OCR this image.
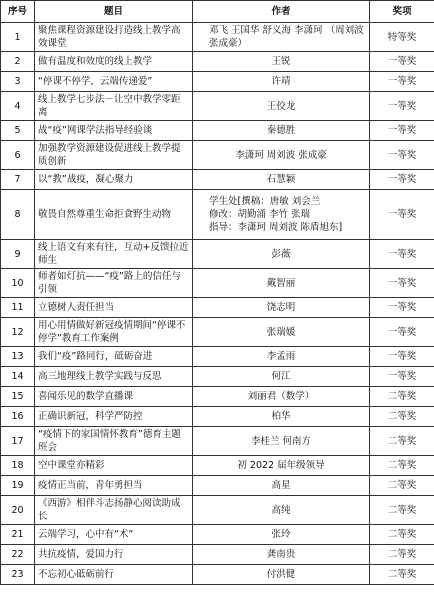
序号	题目	作者	奖项
1	聚焦课程资源建设打造线上教学高效课堂	邓飞 王国华 舒义海 李潇珂 （周刘波
张成豪）	特等奖
2	做有温度和效度的线上教学	王锐	一等奖
3	“停课不停学，云端传递爱”	许靖	一等奖
4	线上教学七步法－让空中教学零距离	王佼龙	一等奖
5	战“疫”网课学法指导经验谈	秦德胜	一等奖
6	加强教学资源建设促进线上教学提质创新	李潇珂 周刘波 张成豪	一等奖
7	以“教”战疫，凝心聚力	石慧颖	一等奖
8	敬畏自然尊重生命拒食野生动物	学生处[撰稿：唐敏 刘会兰
修改：胡勤涌 李竹 张瑞
指导：李潇珂 周刘波 陈盾旭东]	一等奖
9	线上语文有来有往，互动+反馈拉近师生	彭薇	一等奖
10	师者如灯抗——“疫”路上的信任与引领	戴智丽	一等奖
11	立德树人责任担当	饶志明	一等奖
12	用心用情做好新冠疫情期间“停课不停学”教育工作案例	张瑞媛	一等奖
13	我们“疫”路同行，砥砺奋进	李孟雨	一等奖
14	高三地理线上教学实践与反思	何江	一等奖
15	喜闻乐见的数学直播课	刘丽君（数学）	二等奖
16	正确识新冠，科学严防控	柏华	二等奖
17	“疫情下的家国情怀教育”德育主题班会	李桂兰 何南方	二等奖
18	空中课堂亦精彩	初 2022 届年级领导	二等奖
19	疫情正当前，青年勇担当	高星	二等奖
20	《西游》相伴斗志扬静心阅读助成长	高纯	二等奖
21	云端学习，心中有“术”	张玲	二等奖
22	共抗疫情，爱国力行	龚南贵	二等奖
23	不忘初心砥砺前行	付洪健	二等奖
